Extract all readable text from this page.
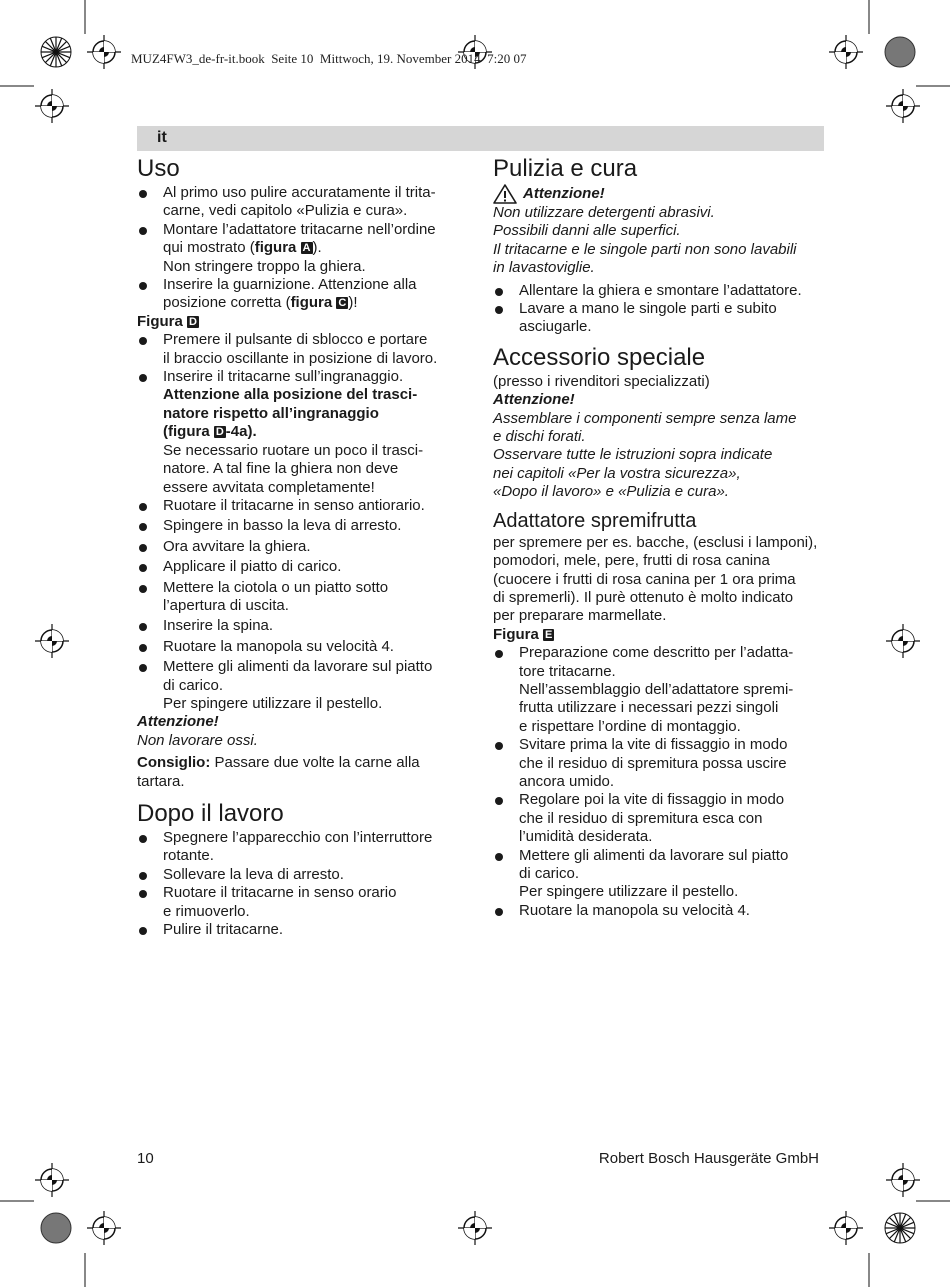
MUZ4FW3_de-fr-it.book  Seite 10  Mittwoch, 19. November 2014  7:20 07
it
Uso

Al primo uso pulire accuratamente il trita-
carne, vedi capitolo «Pulizia e cura».

Montare l’adattatore tritacarne nell’ordine
qui mostrato (figura A ).

Non stringere troppo la ghiera.

Inserire la guarnizione. Attenzione alla
posizione corretta (figura C )!

Figura D

Premere il pulsante di sblocco e portare
il braccio oscillante in posizione di lavoro.

Inserire il tritacarne sull’ingranaggio.

Attenzione alla posizione del trasci-
natore rispetto all’ingranaggio
(figura D -4a).

Se necessario ruotare un poco il trasci-
natore. A tal fine la ghiera non deve
essere avvitata completamente!

Ruotare il tritacarne in senso antiorario.

Spingere in basso la leva di arresto.

Ora avvitare la ghiera.

Applicare il piatto di carico.

Mettere la ciotola o un piatto sotto
l’apertura di uscita.

Inserire la spina.

Ruotare la manopola su velocità 4.

Mettere gli alimenti da lavorare sul piatto
di carico.

Per spingere utilizzare il pestello.

Attenzione!

Non lavorare ossi.

Consiglio: Passare due volte la carne alla
tartara.

Dopo il lavoro

Spegnere l’apparecchio con l’interruttore
rotante.

Sollevare la leva di arresto.

Ruotare il tritacarne in senso orario
e rimuoverlo.

Pulire il tritacarne.

Pulizia e cura
Attenzione!

Non utilizzare detergenti abrasivi.
Possibili danni alle superfici.
Il tritacarne e le singole parti non sono lavabili
in lavastoviglie.

Allentare la ghiera e smontare l’adattatore.

Lavare a mano le singole parti e subito
asciugarle.

Accessorio speciale

(presso i rivenditori specializzati)

Attenzione!

Assemblare i componenti sempre senza lame
e dischi forati.
Osservare tutte le istruzioni sopra indicate
nei capitoli «Per la vostra sicurezza»,
«Dopo il lavoro» e «Pulizia e cura».

Adattatore spremifrutta

per spremere per es. bacche, (esclusi i lamponi),
pomodori, mele, pere, frutti di rosa canina
(cuocere i frutti di rosa canina per 1 ora prima
di spremerli). Il purè ottenuto è molto indicato
per preparare marmellate.

Figura E

Preparazione come descritto per l’adatta-
tore tritacarne.

Nell’assemblaggio dell’adattatore spremi-
frutta utilizzare i necessari pezzi singoli
e rispettare l’ordine di montaggio.

Svitare prima la vite di fissaggio in modo
che il residuo di spremitura possa uscire
ancora umido.

Regolare poi la vite di fissaggio in modo
che il residuo di spremitura esca con
l’umidità desiderata.

Mettere gli alimenti da lavorare sul piatto
di carico.

Per spingere utilizzare il pestello.

Ruotare la manopola su velocità 4.

10	Robert Bosch Hausgeräte GmbH
